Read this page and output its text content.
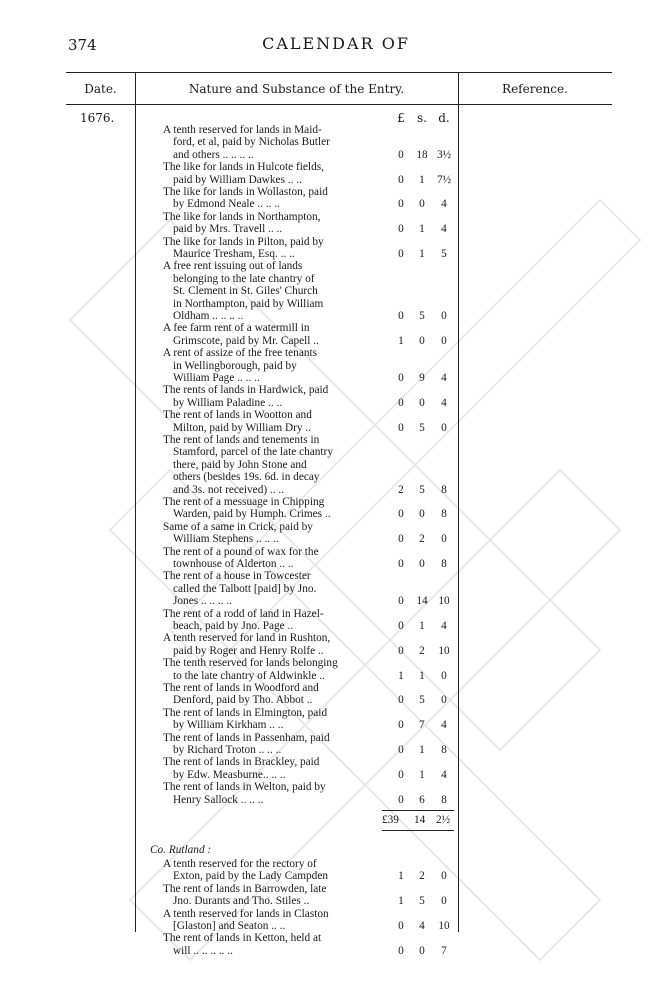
374	CALENDAR OF
Date.	Nature and Substance of the Entry.	Reference.
1676.	£	s. d.
A tenth reserved for lands in Maid-
ford, et al, paid by Nicholas Butler
and others .. .. .. ..	0	18 3½
The like for lands in Hulcote fields,
paid by William Dawkes .. ..	0	1	7½
The like for lands in Wollaston, paid
by Edmond Neale .. .. ..	0	0	4
The like for lands in Northampton,
paid by Mrs. Travell .. ..	0	1	4
The like for lands in Pilton, paid by
Maurice Tresham, Esq. .. ..	0	1	5
A free rent issuing out of lands
belonging to the late chantry of
St. Clement in St. Giles' Church
in Northampton, paid by William
Oldham .. .. .. ..	0	5	0
A fee farm rent of a watermill in
Grimscote, paid by Mr. Capell ..	1	0	0
A rent of assize of the free tenants
in Wellingborough, paid by
William Page .. .. ..	0	9	4
The rents of lands in Hardwick, paid
by William Paladine .. ..	0	0	4
The rent of lands in Wootton and
Milton, paid by William Dry ..	0	5	0
The rent of lands and tenements in
Stamford, parcel of the late chantry
there, paid by John Stone and
others (besides 19s. 6d. in decay
and 3s. not received) .. ..	2	5	8
The rent of a messuage in Chipping
Warden, paid by Humph. Crimes ..	0	0	8
Same of a same in Crick, paid by
William Stephens .. .. ..	0	2	0
The rent of a pound of wax for the
townhouse of Alderton .. ..	0	0	8
The rent of a house in Towcester
called the Talbott [paid] by Jno.
Jones .. .. .. ..	0	14 10
The rent of a rodd of land in Hazel-
beach, paid by Jno. Page ..	0	1	4
A tenth reserved for land in Rushton,
paid by Roger and Henry Rolfe ..	0	2	10
The tenth reserved for lands belonging
to the late chantry of Aldwinkle ..	1	1	0
The rent of lands in Woodford and
Denford, paid by Tho. Abbot ..	0	5	0
The rent of lands in Elmington, paid
by William Kirkham .. ..	0	7	4
The rent of lands in Passenham, paid
by Richard Troton .. .. ..	0	1	8
The rent of lands in Brackley, paid
by Edw. Measburne.. .. ..	0	1	4
The rent of lands in Welton, paid by
Henry Sallock .. .. ..	0	6	8
£39 14 2½
Co. Rutland :
A tenth reserved for the rectory of
Exton, paid by the Lady Campden	1	2	0
The rent of lands in Barrowden, late
Jno. Durants and Tho. Stiles ..	1	5	0
A tenth reserved for lands in Claston
[Glaston] and Seaton .. ..	0	4	10
The rent of lands in Ketton, held at
will .. .. .. .. ..	0	0	7
